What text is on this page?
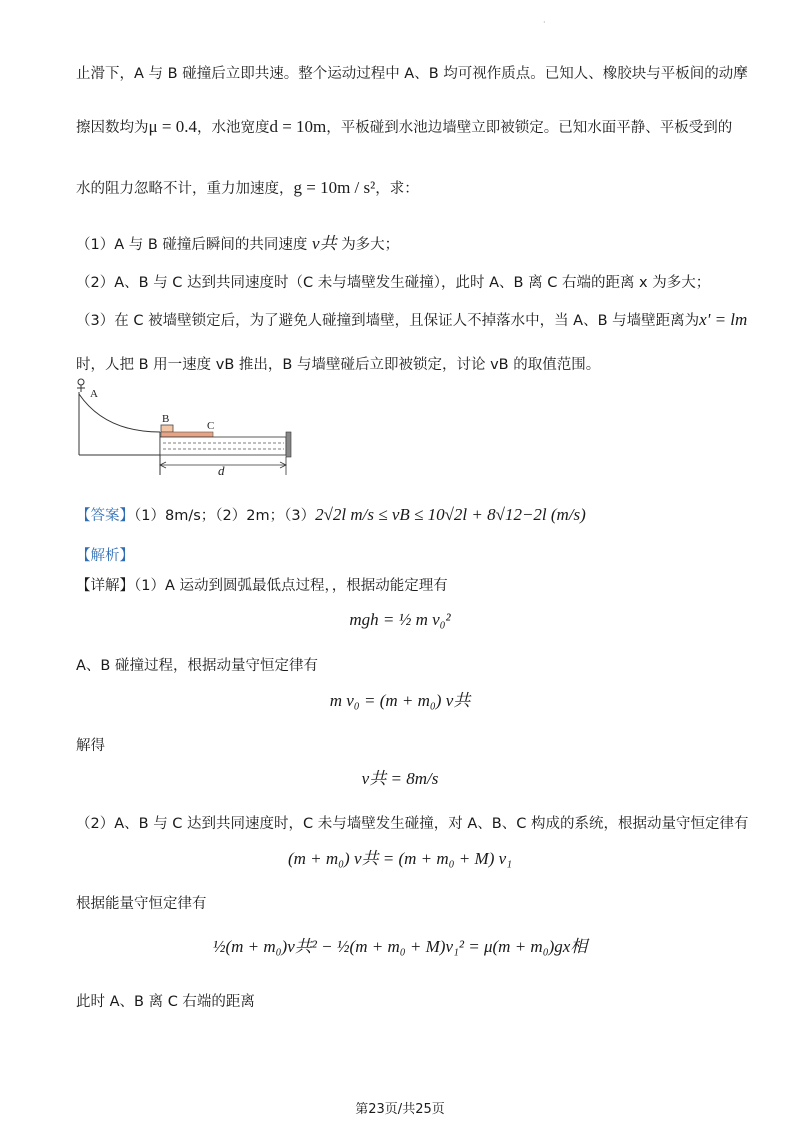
·
止滑下，A 与 B 碰撞后立即共速。整个运动过程中 A、B 均可视作质点。已知人、橡胶块与平板间的动摩
擦因数均为μ = 0.4，水池宽度d = 10m，平板碰到水池边墙壁立即被锁定。已知水面平静、平板受到的
水的阻力忽略不计，重力加速度，g = 10m / s²，求：
（1）A 与 B 碰撞后瞬间的共同速度 v共 为多大；
（2）A、B 与 C 达到共同速度时（C 未与墙壁发生碰撞），此时 A、B 离 C 右端的距离 x 为多大；
（3）在 C 被墙壁锁定后，为了避免人碰撞到墙壁，且保证人不掉落水中，当 A、B 与墙壁距离为x' = lm
时，人把 B 用一速度 vB 推出，B 与墙壁碰后立即被锁定，讨论 vB 的取值范围。
A
B
C
d
【答案】（1）8m/s；（2）2m；（3）2√2l m/s ≤ vB ≤ 10√2l + 8√12−2l (m/s)
【解析】
【详解】（1）A 运动到圆弧最低点过程，，根据动能定理有
mgh = ½ m v₀²
A、B 碰撞过程，根据动量守恒定律有
m v₀ = (m + m₀) v共
解得
v共 = 8m/s
（2）A、B 与 C 达到共同速度时，C 未与墙壁发生碰撞，对 A、B、C 构成的系统，根据动量守恒定律有
(m + m₀) v共 = (m + m₀ + M) v₁
根据能量守恒定律有
½(m + m₀)v共² − ½(m + m₀ + M)v₁² = μ(m + m₀)gx相
此时 A、B 离 C 右端的距离
第23页/共25页
